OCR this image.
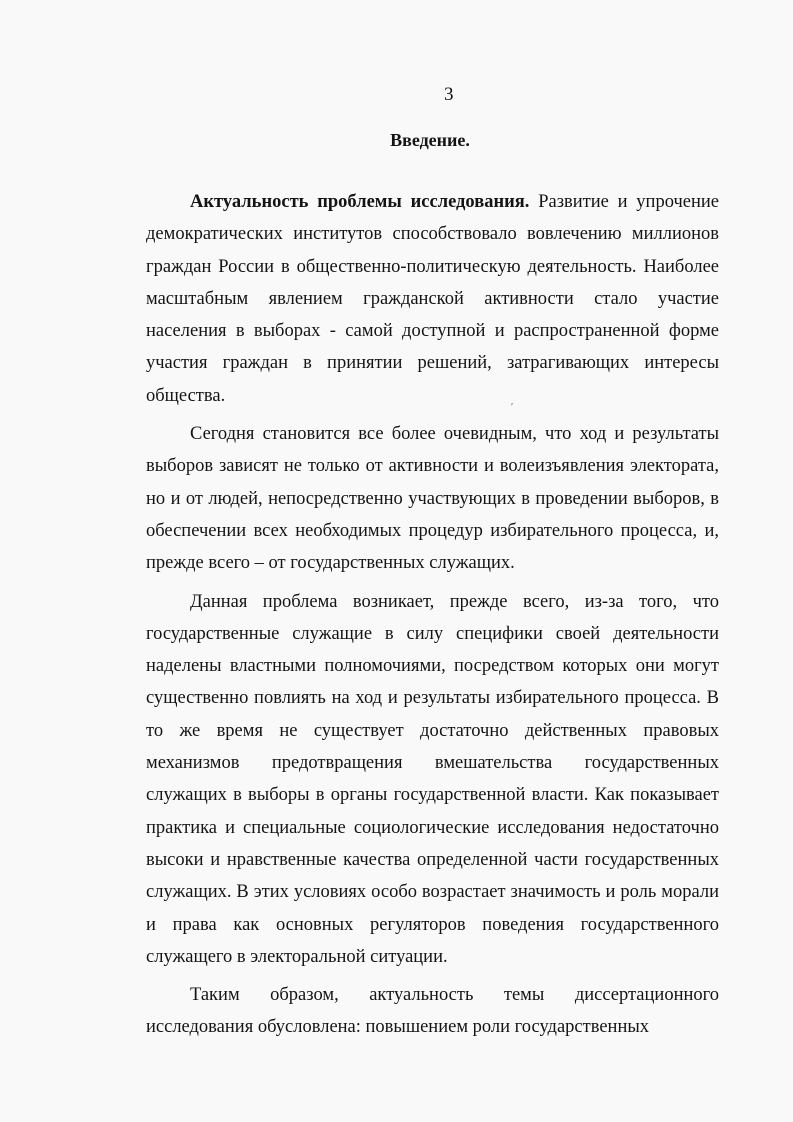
3
Введение.

Актуальность проблемы исследования. Развитие и упрочение демократических институтов способствовало вовлечению миллионов граждан России в общественно-политическую деятельность. Наиболее масштабным явлением гражданской активности стало участие населения в выборах - самой доступной и распространенной форме участия граждан в принятии решений, затрагивающих интересы общества.

Сегодня становится все более очевидным, что ход и результаты выборов зависят не только от активности и волеизъявления электората, но и от людей, непосредственно участвующих в проведении выборов, в обеспечении всех необходимых процедур избирательного процесса, и, прежде всего – от государственных служащих.

Данная проблема возникает, прежде всего, из-за того, что государственные служащие в силу специфики своей деятельности наделены властными полномочиями, посредством которых они могут существенно повлиять на ход и результаты избирательного процесса. В то же время не существует достаточно действенных правовых механизмов предотвращения вмешательства государственных служащих в выборы в органы государственной власти. Как показывает практика и специальные социологические исследования недостаточно высоки и нравственные качества определенной части государственных служащих. В этих условиях особо возрастает значимость и роль морали и права как основных регуляторов поведения государственного служащего в электоральной ситуации.

Таким образом, актуальность темы диссертационного исследования обусловлена: повышением роли государственных

ʹ
